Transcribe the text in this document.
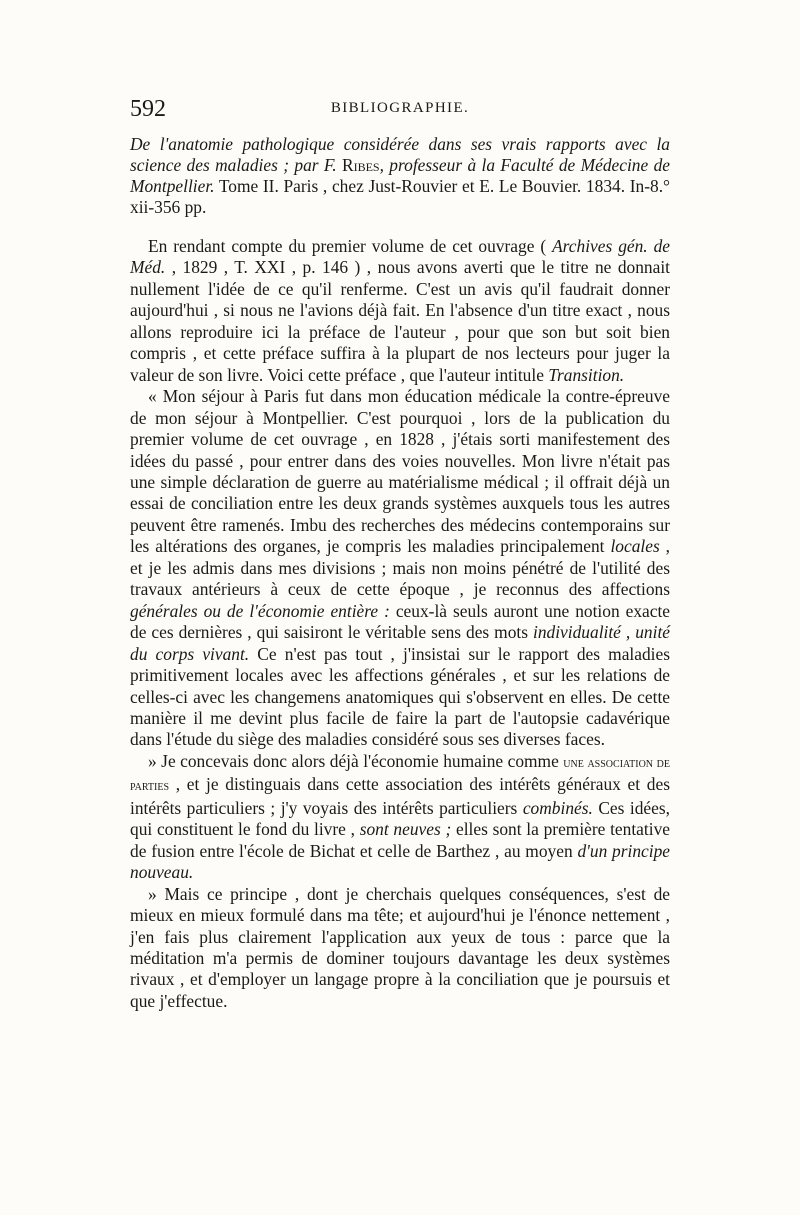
592	BIBLIOGRAPHIE.
De l'anatomie pathologique considérée dans ses vrais rapports avec la science des maladies ; par F. Ribes, professeur à la Faculté de Médecine de Montpellier. Tome II. Paris , chez Just-Rouvier et E. Le Bouvier. 1834. In-8.° xii-356 pp.

En rendant compte du premier volume de cet ouvrage ( Archives gén. de Méd. , 1829 , T. XXI , p. 146 ) , nous avons averti que le titre ne donnait nullement l'idée de ce qu'il renferme. C'est un avis qu'il faudrait donner aujourd'hui , si nous ne l'avions déjà fait. En l'absence d'un titre exact , nous allons reproduire ici la préface de l'auteur , pour que son but soit bien compris , et cette préface suffira à la plupart de nos lecteurs pour juger la valeur de son livre. Voici cette préface , que l'auteur intitule Transition.

« Mon séjour à Paris fut dans mon éducation médicale la contre-épreuve de mon séjour à Montpellier. C'est pourquoi , lors de la publication du premier volume de cet ouvrage , en 1828 , j'étais sorti manifestement des idées du passé , pour entrer dans des voies nouvelles. Mon livre n'était pas une simple déclaration de guerre au matérialisme médical ; il offrait déjà un essai de conciliation entre les deux grands systèmes auxquels tous les autres peuvent être ramenés. Imbu des recherches des médecins contemporains sur les altérations des organes, je compris les maladies principalement locales , et je les admis dans mes divisions ; mais non moins pénétré de l'utilité des travaux antérieurs à ceux de cette époque , je reconnus des affections générales ou de l'économie entière : ceux-là seuls auront une notion exacte de ces dernières , qui saisiront le véritable sens des mots individualité , unité du corps vivant. Ce n'est pas tout , j'insistai sur le rapport des maladies primitivement locales avec les affections générales , et sur les relations de celles-ci avec les changemens anatomiques qui s'observent en elles. De cette manière il me devint plus facile de faire la part de l'autopsie cadavérique dans l'étude du siège des maladies considéré sous ses diverses faces.

» Je concevais donc alors déjà l'économie humaine comme une association de parties , et je distinguais dans cette association des intérêts généraux et des intérêts particuliers ; j'y voyais des intérêts particuliers combinés. Ces idées, qui constituent le fond du livre , sont neuves ; elles sont la première tentative de fusion entre l'école de Bichat et celle de Barthez , au moyen d'un principe nouveau.

» Mais ce principe , dont je cherchais quelques conséquences, s'est de mieux en mieux formulé dans ma tête; et aujourd'hui je l'énonce nettement , j'en fais plus clairement l'application aux yeux de tous : parce que la méditation m'a permis de dominer toujours davantage les deux systèmes rivaux , et d'employer un langage propre à la conciliation que je poursuis et que j'effectue.
